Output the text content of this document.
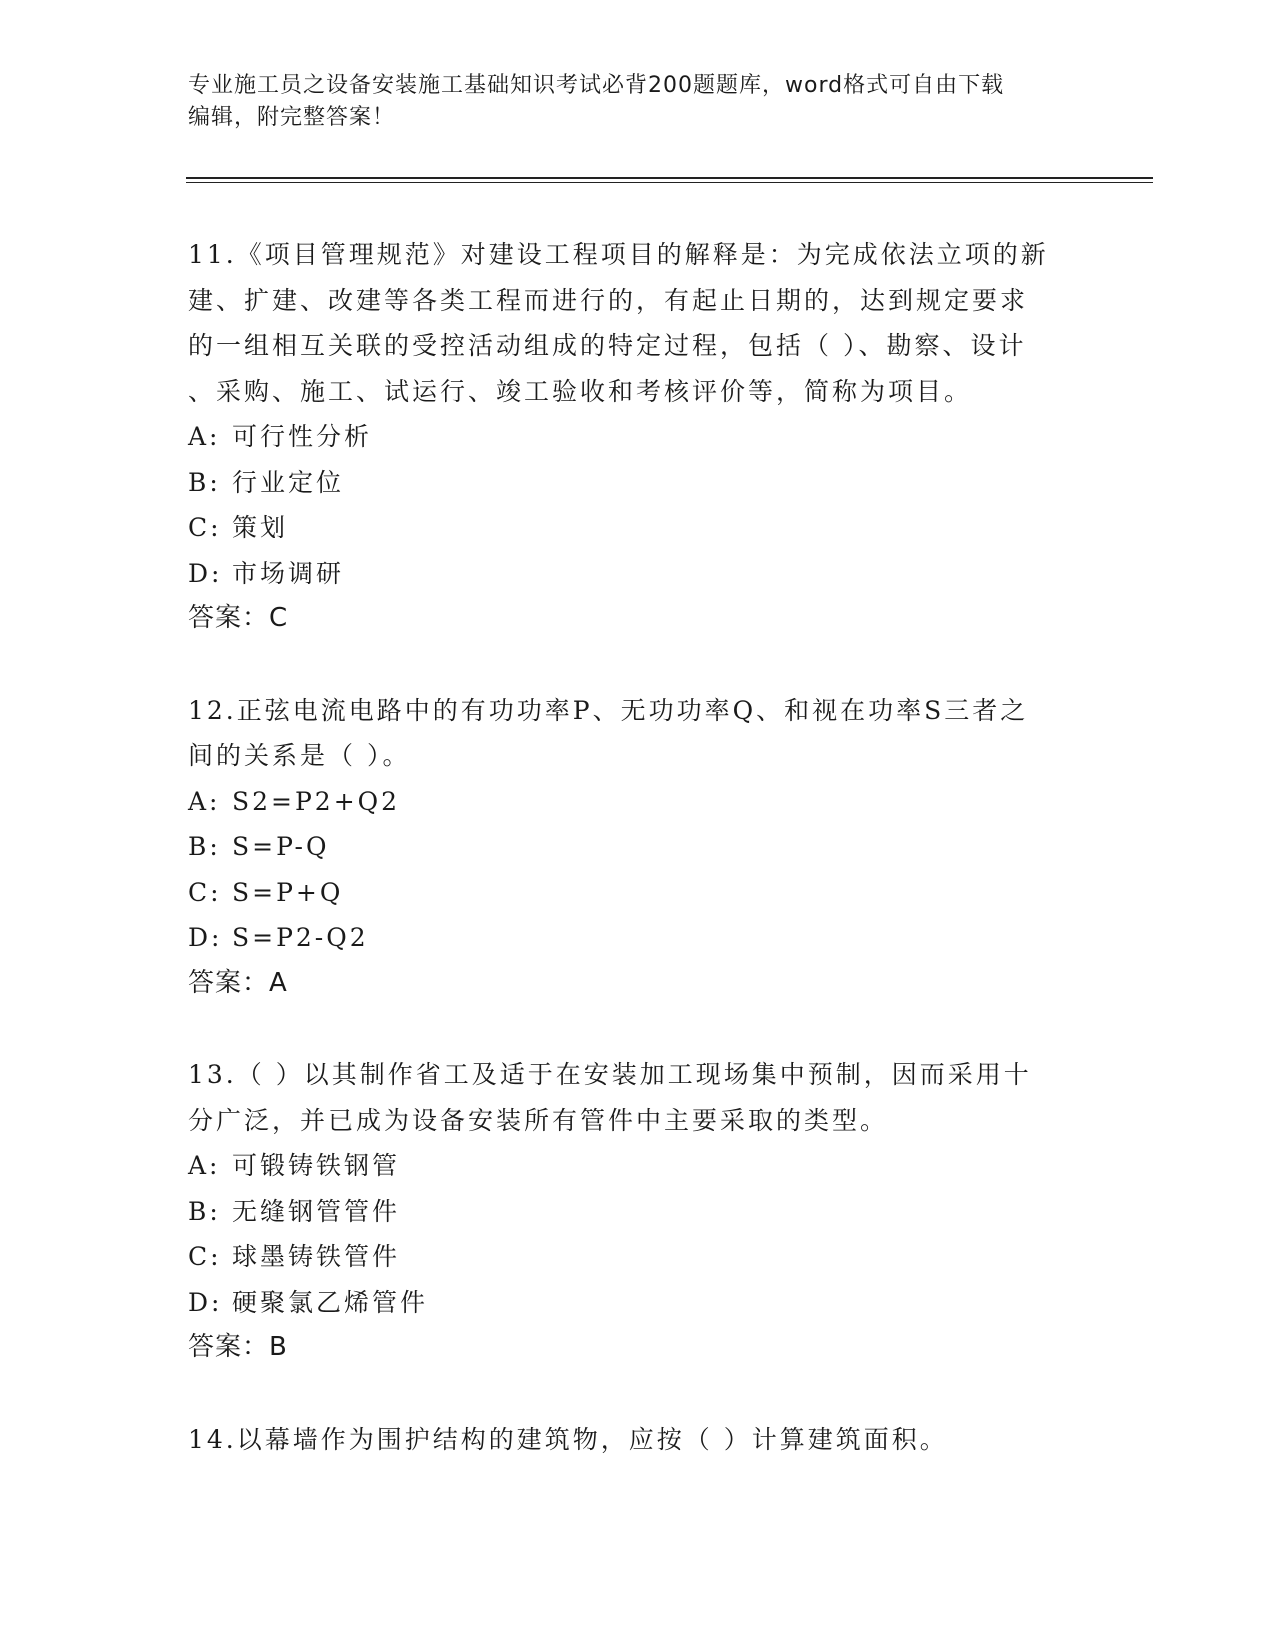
专业施工员之设备安装施工基础知识考试必背200题题库，word格式可自由下载
编辑，附完整答案！
11.《项目管理规范》对建设工程项目的解释是：为完成依法立项的新
建、扩建、改建等各类工程而进行的，有起止日期的，达到规定要求
的一组相互关联的受控活动组成的特定过程，包括（ ）、勘察、设计
、采购、施工、试运行、竣工验收和考核评价等，简称为项目。
A: 可行性分析
B: 行业定位
C: 策划
D: 市场调研
答案：C
12.正弦电流电路中的有功功率P、无功功率Q、和视在功率S三者之
间的关系是（ ）。
A: S2=P2+Q2
B: S=P-Q
C: S=P+Q
D: S=P2-Q2
答案：A
13.（ ）以其制作省工及适于在安装加工现场集中预制，因而采用十
分广泛，并已成为设备安装所有管件中主要采取的类型。
A: 可锻铸铁钢管
B: 无缝钢管管件
C: 球墨铸铁管件
D: 硬聚氯乙烯管件
答案：B
14.以幕墙作为围护结构的建筑物，应按（ ）计算建筑面积。
